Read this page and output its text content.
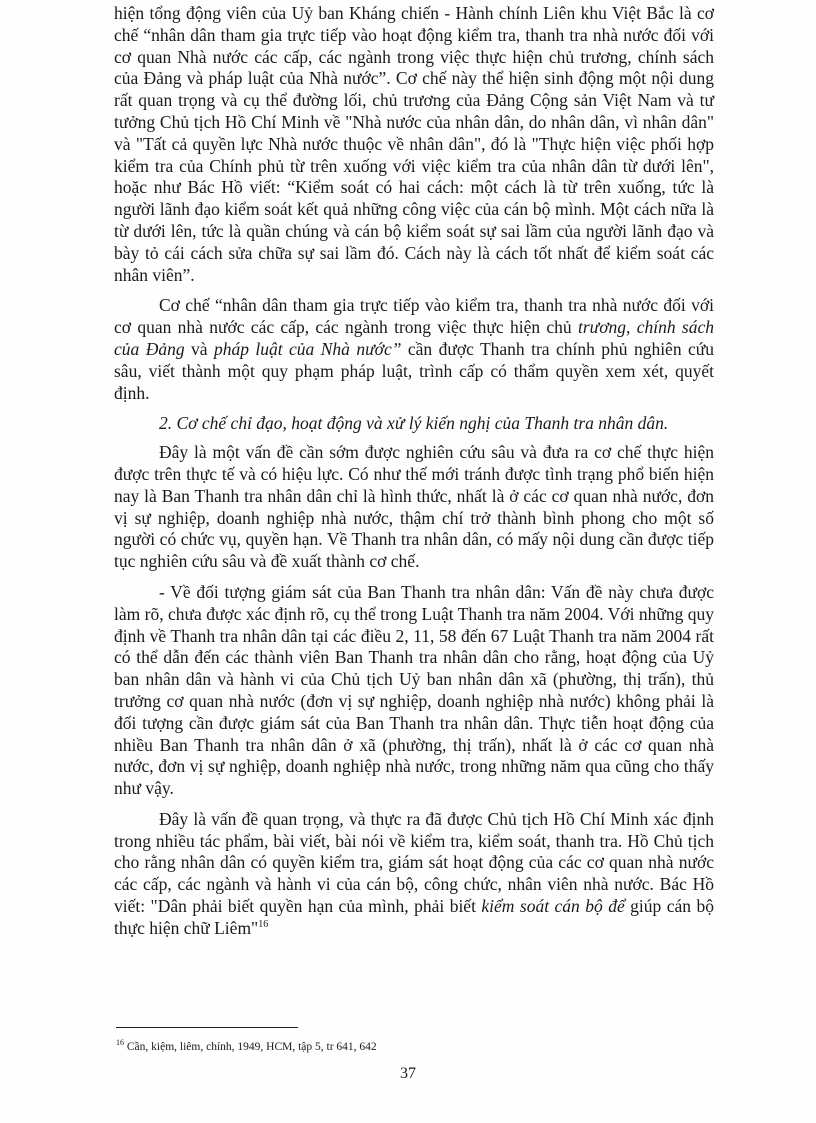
hiện tổng động viên của Uỷ ban Kháng chiến - Hành chính Liên khu Việt Bắc là cơ chế “nhân dân tham gia trực tiếp vào hoạt động kiểm tra, thanh tra nhà nước đối với cơ quan Nhà nước các cấp, các ngành trong việc thực hiện chủ trương, chính sách của Đảng và pháp luật của Nhà nước”. Cơ chế này thể hiện sinh động một nội dung rất quan trọng và cụ thể đường lối, chủ trương của Đảng Cộng sản Việt Nam và tư tưởng Chủ tịch Hồ Chí Minh về "Nhà nước của nhân dân, do nhân dân, vì nhân dân" và "Tất cả quyền lực Nhà nước thuộc về nhân dân", đó là "Thực hiện việc phối hợp kiểm tra của Chính phủ từ trên xuống với việc kiểm tra của nhân dân từ dưới lên", hoặc như Bác Hồ viết: “Kiểm soát có hai cách: một cách là từ trên xuống, tức là người lãnh đạo kiểm soát kết quả những công việc của cán bộ mình. Một cách nữa là từ dưới lên, tức là quần chúng và cán bộ kiểm soát sự sai lầm của người lãnh đạo và bày tỏ cái cách sửa chữa sự sai lầm đó. Cách này là cách tốt nhất để kiểm soát các nhân viên”.

Cơ chế “nhân dân tham gia trực tiếp vào kiểm tra, thanh tra nhà nước đối với cơ quan nhà nước các cấp, các ngành trong việc thực hiện chủ trương, chính sách của Đảng và pháp luật của Nhà nước” cần được Thanh tra chính phủ nghiên cứu sâu, viết thành một quy phạm pháp luật, trình cấp có thẩm quyền xem xét, quyết định.

2. Cơ chế chỉ đạo, hoạt động và xử lý kiến nghị của Thanh tra nhân dân.

Đây là một vấn đề cần sớm được nghiên cứu sâu và đưa ra cơ chế thực hiện được trên thực tế và có hiệu lực. Có như thế mới tránh được tình trạng phổ biến hiện nay là Ban Thanh tra nhân dân chỉ là hình thức, nhất là ở các cơ quan nhà nước, đơn vị sự nghiệp, doanh nghiệp nhà nước, thậm chí trở thành bình phong cho một số người có chức vụ, quyền hạn. Về Thanh tra nhân dân, có mấy nội dung cần được tiếp tục nghiên cứu sâu và đề xuất thành cơ chế.

- Về đối tượng giám sát của Ban Thanh tra nhân dân: Vấn đề này chưa được làm rõ, chưa được xác định rõ, cụ thể trong Luật Thanh tra năm 2004. Với những quy định về Thanh tra nhân dân tại các điều 2, 11, 58 đến 67 Luật Thanh tra năm 2004 rất có thể dẫn đến các thành viên Ban Thanh tra nhân dân cho rằng, hoạt động của Uỷ ban nhân dân và hành vi của Chủ tịch Uỷ ban nhân dân xã (phường, thị trấn), thủ trưởng cơ quan nhà nước (đơn vị sự nghiệp, doanh nghiệp nhà nước) không phải là đối tượng cần được giám sát của Ban Thanh tra nhân dân. Thực tiễn hoạt động của nhiều Ban Thanh tra nhân dân ở xã (phường, thị trấn), nhất là ở các cơ quan nhà nước, đơn vị sự nghiệp, doanh nghiệp nhà nước, trong những năm qua cũng cho thấy như vậy.

Đây là vấn đề quan trọng, và thực ra đã được Chủ tịch Hồ Chí Minh xác định trong nhiều tác phẩm, bài viết, bài nói về kiểm tra, kiểm soát, thanh tra. Hồ Chủ tịch cho rằng nhân dân có quyền kiểm tra, giám sát hoạt động của các cơ quan nhà nước các cấp, các ngành và hành vi của cán bộ, công chức, nhân viên nhà nước. Bác Hồ viết: "Dân phải biết quyền hạn của mình, phải biết kiểm soát cán bộ để giúp cán bộ thực hiện chữ Liêm"$^{16}$

$^{16}$ Cần, kiệm, liêm, chính, 1949, HCM, tập 5, tr 641, 642
37
